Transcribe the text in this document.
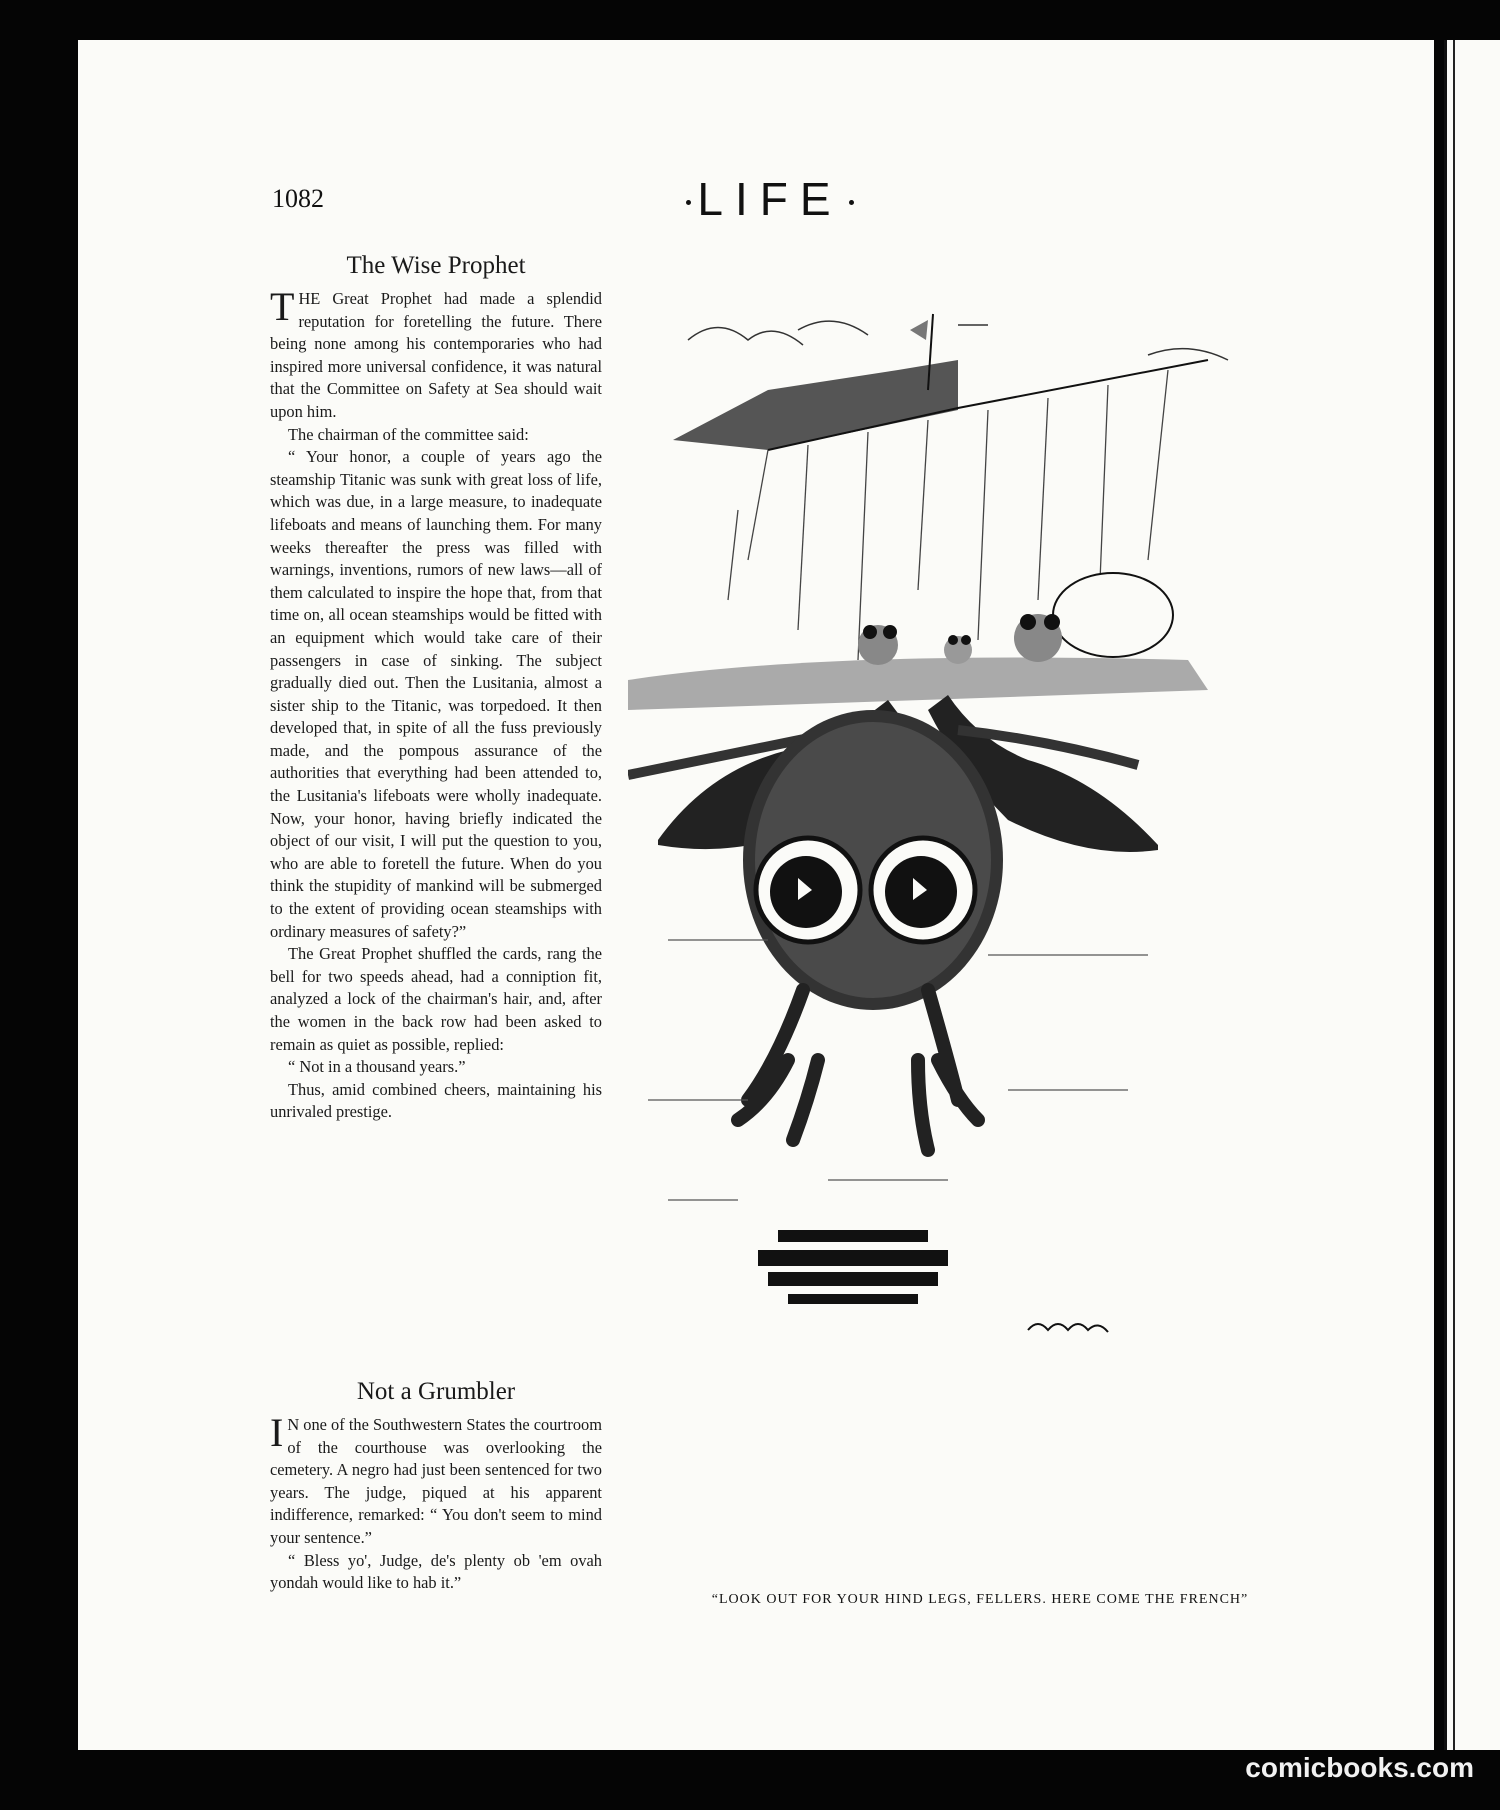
1082	LIFE
The Wise Prophet

THE Great Prophet had made a splendid reputation for foretelling the future. There being none among his contemporaries who had inspired more universal confidence, it was natural that the Committee on Safety at Sea should wait upon him.

The chairman of the committee said:

“ Your honor, a couple of years ago the steamship Titanic was sunk with great loss of life, which was due, in a large measure, to inadequate lifeboats and means of launching them. For many weeks thereafter the press was filled with warnings, inventions, rumors of new laws—all of them calculated to inspire the hope that, from that time on, all ocean steamships would be fitted with an equipment which would take care of their passengers in case of sinking. The subject gradually died out. Then the Lusitania, almost a sister ship to the Titanic, was torpedoed. It then developed that, in spite of all the fuss previously made, and the pompous assurance of the authorities that everything had been attended to, the Lusitania's lifeboats were wholly inadequate. Now, your honor, having briefly indicated the object of our visit, I will put the question to you, who are able to foretell the future. When do you think the stupidity of mankind will be submerged to the extent of providing ocean steamships with ordinary measures of safety?”

The Great Prophet shuffled the cards, rang the bell for two speeds ahead, had a conniption fit, analyzed a lock of the chairman's hair, and, after the women in the back row had been asked to remain as quiet as possible, replied:

“ Not in a thousand years.”

Thus, amid combined cheers, maintaining his unrivaled prestige.

Not a Grumbler

I N one of the Southwestern States the courtroom of the courthouse was overlooking the cemetery. A negro had just been sentenced for two years. The judge, piqued at his apparent indifference, remarked: “ You don't seem to mind your sentence.”

“ Bless yo', Judge, de's plenty ob 'em ovah yondah would like to hab it.”

“LOOK OUT FOR YOUR HIND LEGS, FELLERS. HERE COME THE FRENCH”
comicbooks.com
